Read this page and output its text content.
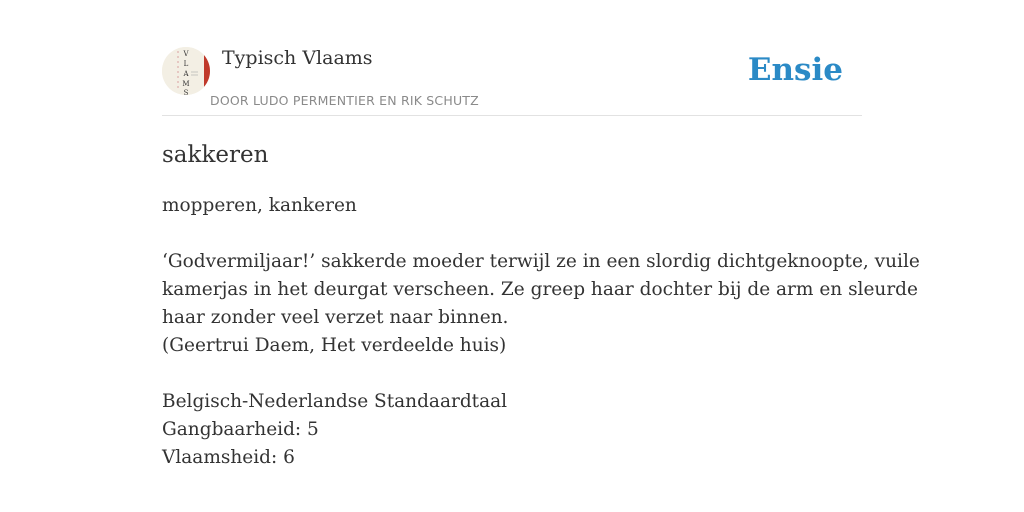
V
L
A
M
S
Typisch Vlaams
DOOR LUDO PERMENTIER EN RIK SCHUTZ
Ensie
sakkeren
mopperen, kankeren
‘Godvermiljaar!’ sakkerde moeder terwijl ze in een slordig dichtgeknoopte, vuile
kamerjas in het deurgat verscheen. Ze greep haar dochter bij de arm en sleurde
haar zonder veel verzet naar binnen.
(Geertrui Daem, Het verdeelde huis)
Belgisch-Nederlandse Standaardtaal
Gangbaarheid: 5
Vlaamsheid: 6
